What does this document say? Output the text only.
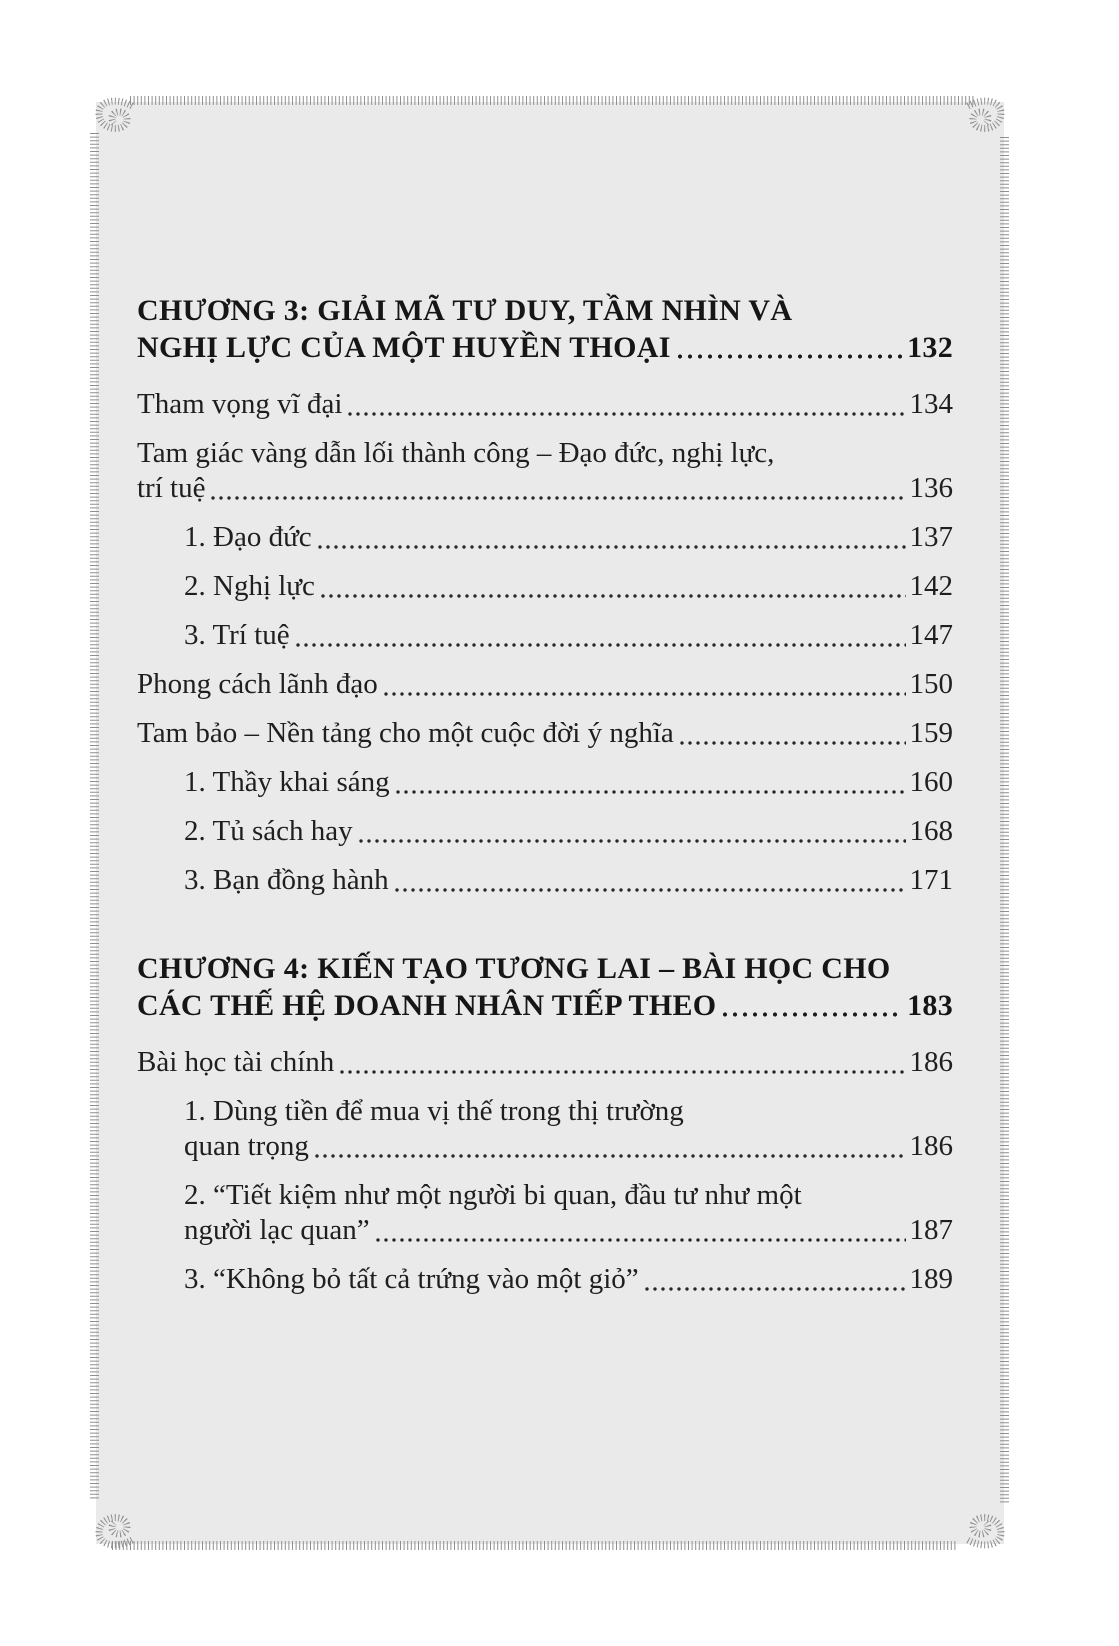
CHƯƠNG 3: GIẢI MÃ TƯ DUY, TẦM NHÌN VÀ
NGHỊ LỰC CỦA MỘT HUYỀN THOẠI	132
Tham vọng vĩ đại	134
Tam giác vàng dẫn lối thành công – Đạo đức, nghị lực,
trí tuệ	136
1. Đạo đức	137
2. Nghị lực	142
3. Trí tuệ	147
Phong cách lãnh đạo	150
Tam bảo – Nền tảng cho một cuộc đời ý nghĩa	159
1. Thầy khai sáng	160
2. Tủ sách hay	168
3. Bạn đồng hành	171
CHƯƠNG 4: KIẾN TẠO TƯƠNG LAI – BÀI HỌC CHO
CÁC THẾ HỆ DOANH NHÂN TIẾP THEO	183
Bài học tài chính	186
1. Dùng tiền để mua vị thế trong thị trường
quan trọng	186
2. “Tiết kiệm như một người bi quan, đầu tư như một
người lạc quan”	187
3. “Không bỏ tất cả trứng vào một giỏ”	189
